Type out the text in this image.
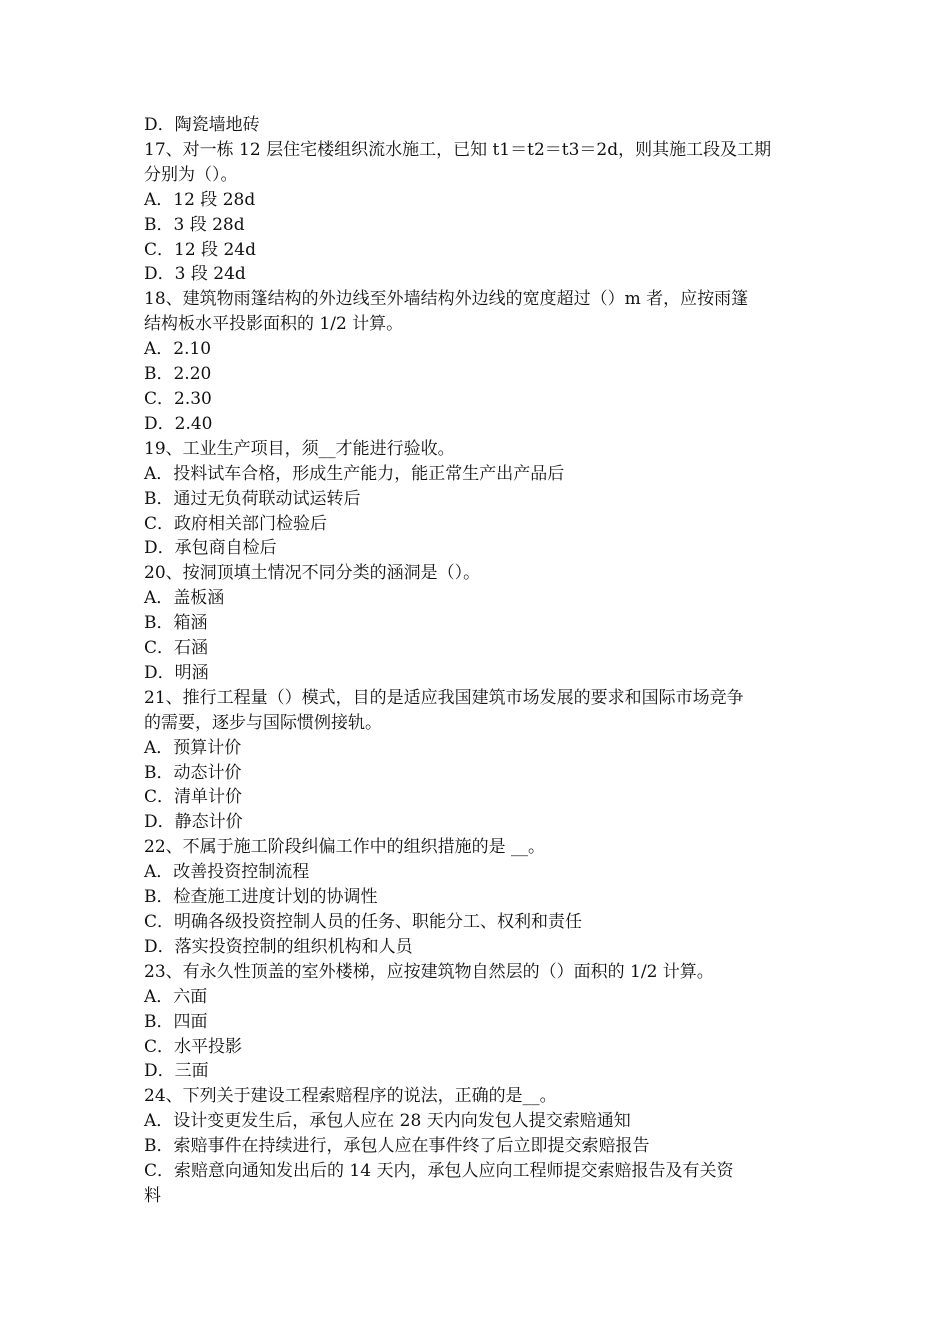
D．陶瓷墙地砖

17、对一栋 12 层住宅楼组织流水施工，已知 t1＝t2＝t3＝2d，则其施工段及工期

分别为（）。

A．12 段 28d

B．3 段 28d

C．12 段 24d

D．3 段 24d

18、建筑物雨篷结构的外边线至外墙结构外边线的宽度超过（）m 者，应按雨篷

结构板水平投影面积的 1/2 计算。

A．2.10

B．2.20

C．2.30

D．2.40

19、工业生产项目，须__才能进行验收。

A．投料试车合格，形成生产能力，能正常生产出产品后

B．通过无负荷联动试运转后

C．政府相关部门检验后

D．承包商自检后

20、按洞顶填土情况不同分类的涵洞是（）。

A．盖板涵

B．箱涵

C．石涵

D．明涵

21、推行工程量（）模式，目的是适应我国建筑市场发展的要求和国际市场竞争

的需要，逐步与国际惯例接轨。

A．预算计价

B．动态计价

C．清单计价

D．静态计价

22、不属于施工阶段纠偏工作中的组织措施的是 __。

A．改善投资控制流程

B．检查施工进度计划的协调性

C．明确各级投资控制人员的任务、职能分工、权利和责任

D．落实投资控制的组织机构和人员

23、有永久性顶盖的室外楼梯，应按建筑物自然层的（）面积的 1/2 计算。

A．六面

B．四面

C．水平投影

D．三面

24、下列关于建设工程索赔程序的说法，正确的是__。

A．设计变更发生后，承包人应在 28 天内向发包人提交索赔通知

B．索赔事件在持续进行，承包人应在事件终了后立即提交索赔报告

C．索赔意向通知发出后的 14 天内，承包人应向工程师提交索赔报告及有关资

料
